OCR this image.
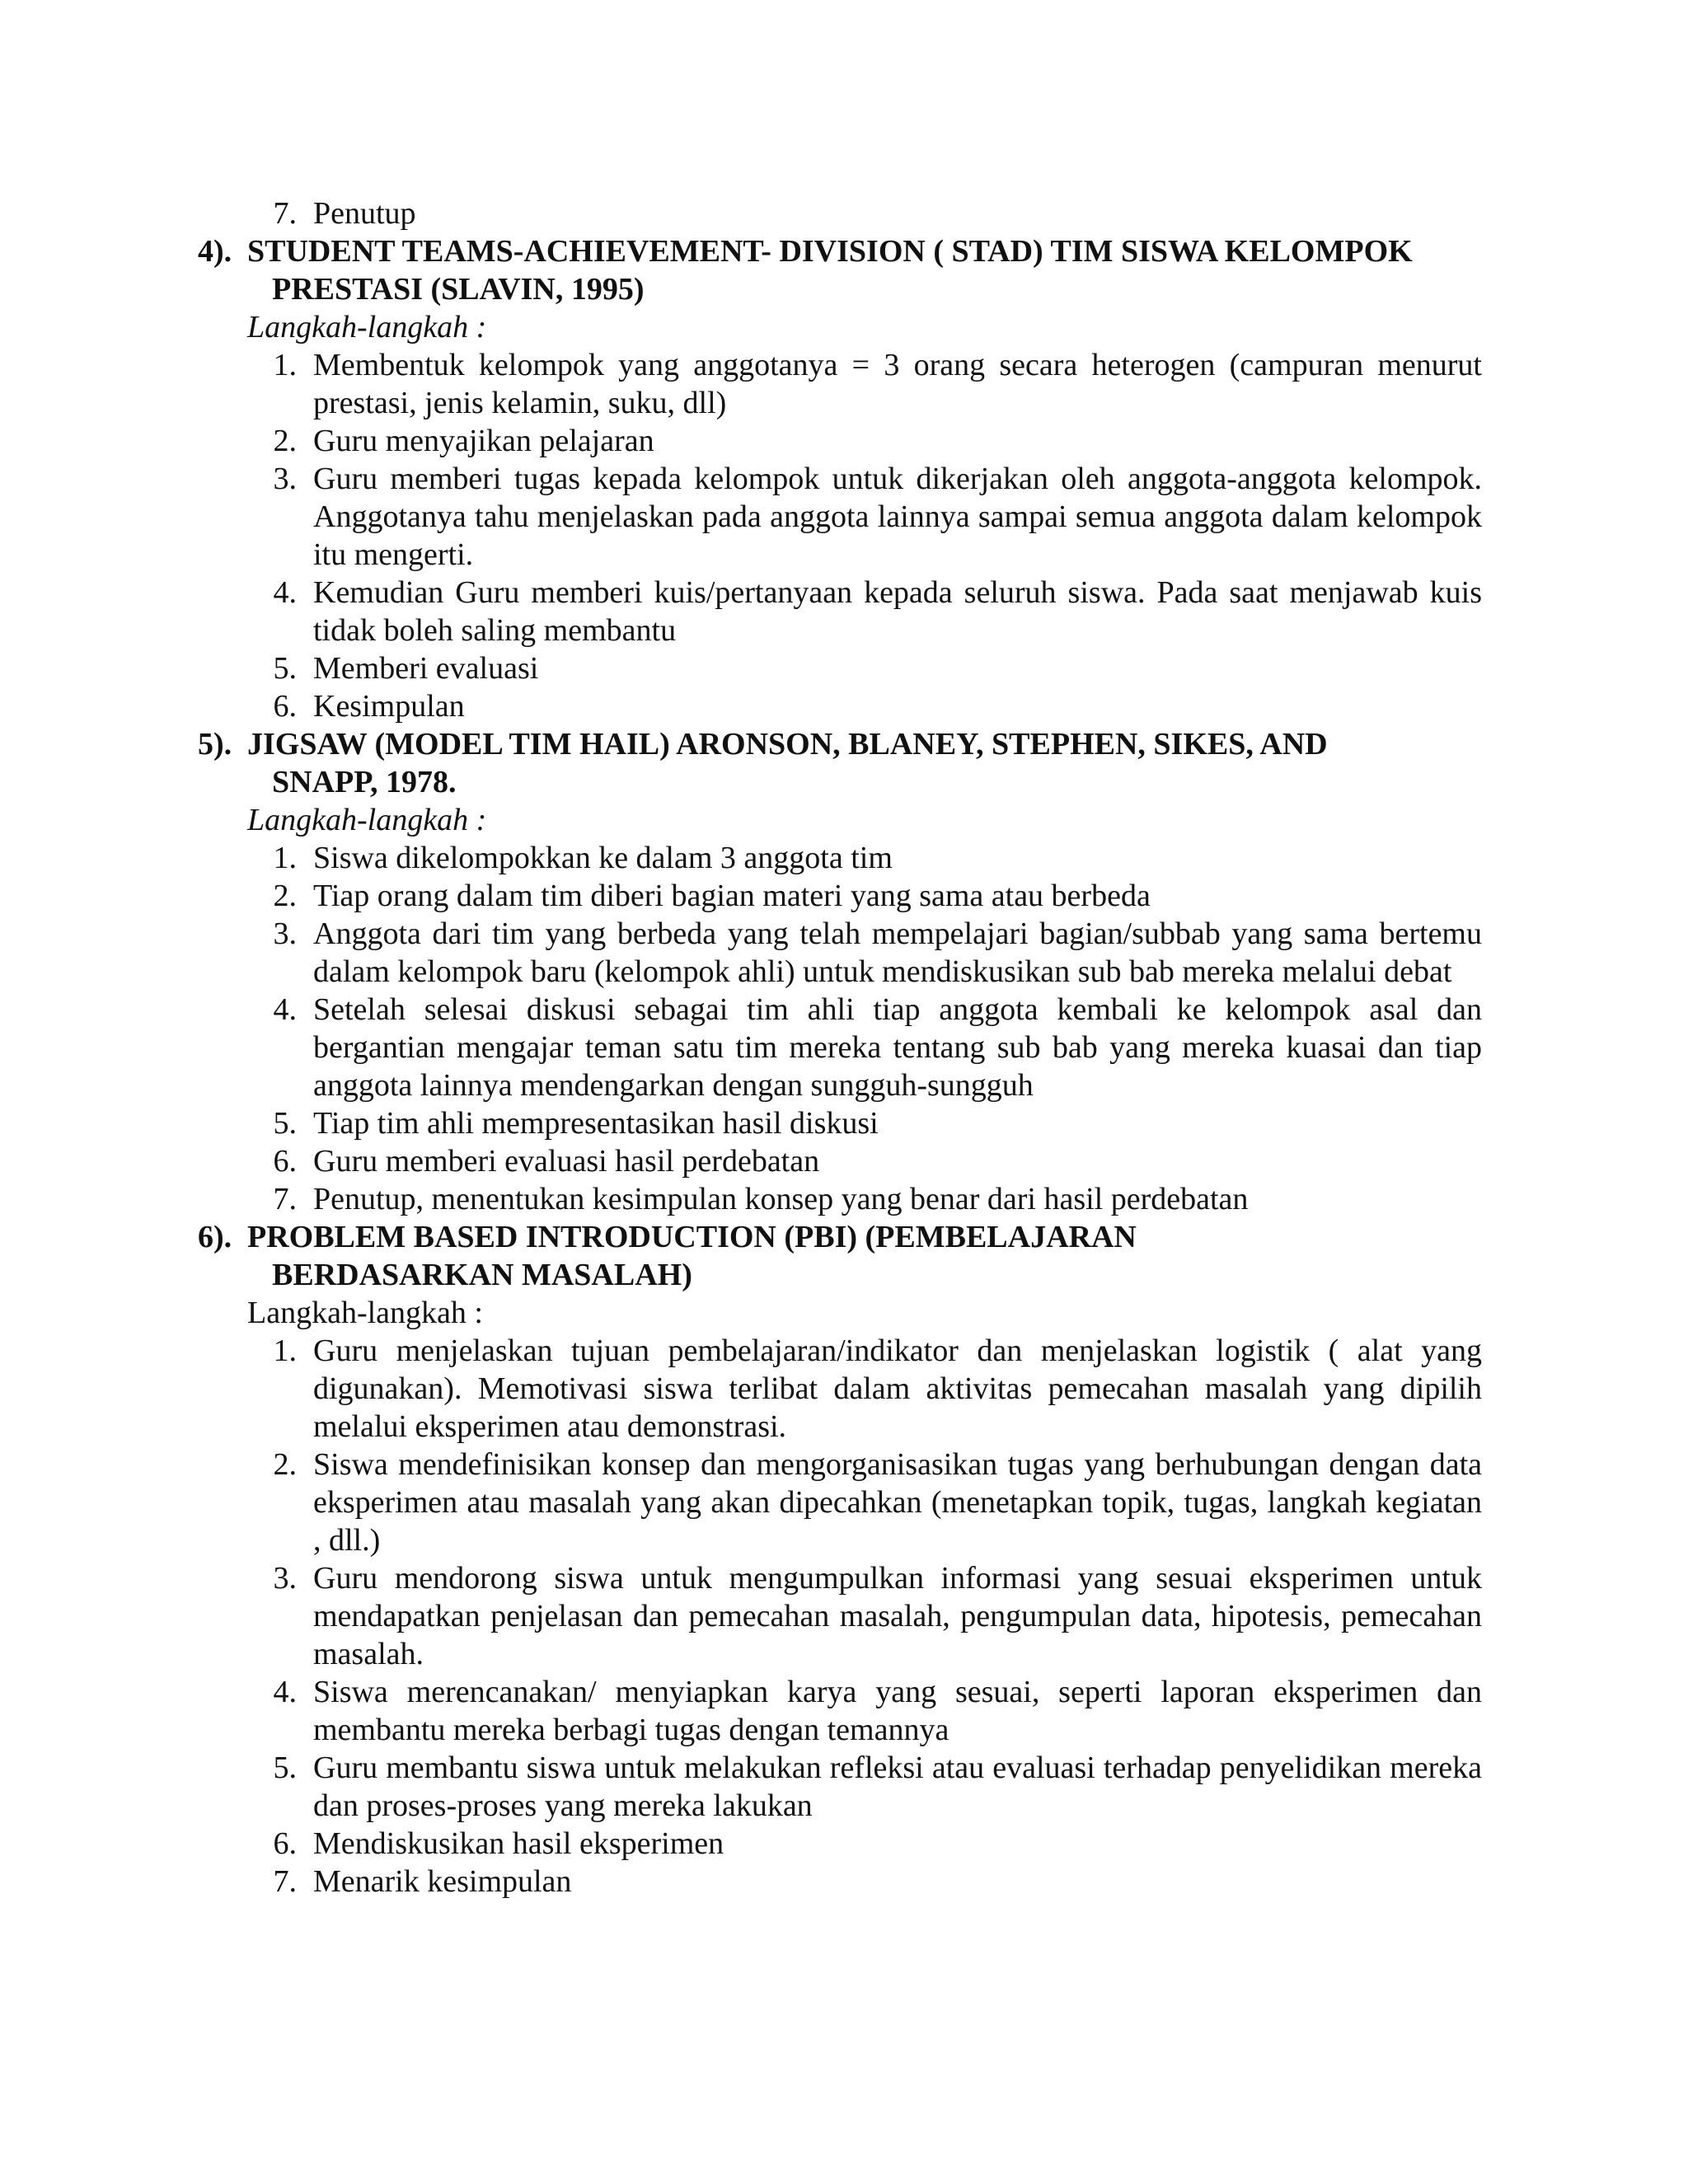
7. Penutup
4). STUDENT TEAMS-ACHIEVEMENT- DIVISION ( STAD) TIM SISWA KELOMPOK
PRESTASI (SLAVIN, 1995)
Langkah-langkah :
1. Membentuk kelompok yang anggotanya = 3 orang secara heterogen (campuran menurut prestasi, jenis kelamin, suku, dll)
2. Guru menyajikan pelajaran
3. Guru memberi tugas kepada kelompok untuk dikerjakan oleh anggota-anggota kelompok. Anggotanya tahu menjelaskan pada anggota lainnya sampai semua anggota dalam kelompok itu mengerti.
4. Kemudian Guru memberi kuis/pertanyaan kepada seluruh siswa. Pada saat menjawab kuis tidak boleh saling membantu
5. Memberi evaluasi
6. Kesimpulan
5). JIGSAW (MODEL TIM HAIL) ARONSON, BLANEY, STEPHEN, SIKES, AND
SNAPP, 1978.
Langkah-langkah :
1. Siswa dikelompokkan ke dalam 3 anggota tim
2. Tiap orang dalam tim diberi bagian materi yang sama atau berbeda
3. Anggota dari tim yang berbeda yang telah mempelajari bagian/subbab yang sama bertemu dalam kelompok baru (kelompok ahli) untuk mendiskusikan sub bab mereka melalui debat
4. Setelah selesai diskusi sebagai tim ahli tiap anggota kembali ke kelompok asal dan bergantian mengajar teman satu tim mereka tentang sub bab yang mereka kuasai dan tiap anggota lainnya mendengarkan dengan sungguh-sungguh
5. Tiap tim ahli mempresentasikan hasil diskusi
6. Guru memberi evaluasi hasil perdebatan
7. Penutup, menentukan kesimpulan konsep yang benar dari hasil perdebatan
6). PROBLEM BASED INTRODUCTION (PBI) (PEMBELAJARAN
BERDASARKAN MASALAH)
Langkah-langkah :
1. Guru menjelaskan tujuan pembelajaran/indikator dan menjelaskan logistik ( alat yang digunakan). Memotivasi siswa terlibat dalam aktivitas pemecahan masalah yang dipilih melalui eksperimen atau demonstrasi.
2. Siswa mendefinisikan konsep dan mengorganisasikan tugas yang berhubungan dengan data eksperimen atau masalah yang akan dipecahkan (menetapkan topik, tugas, langkah kegiatan , dll.)
3. Guru mendorong siswa untuk mengumpulkan informasi yang sesuai eksperimen untuk mendapatkan penjelasan dan pemecahan masalah, pengumpulan data, hipotesis, pemecahan masalah.
4. Siswa merencanakan/ menyiapkan karya yang sesuai, seperti laporan eksperimen dan membantu mereka berbagi tugas dengan temannya
5. Guru membantu siswa untuk melakukan refleksi atau evaluasi terhadap penyelidikan mereka dan proses-proses yang mereka lakukan
6. Mendiskusikan hasil eksperimen
7. Menarik kesimpulan
